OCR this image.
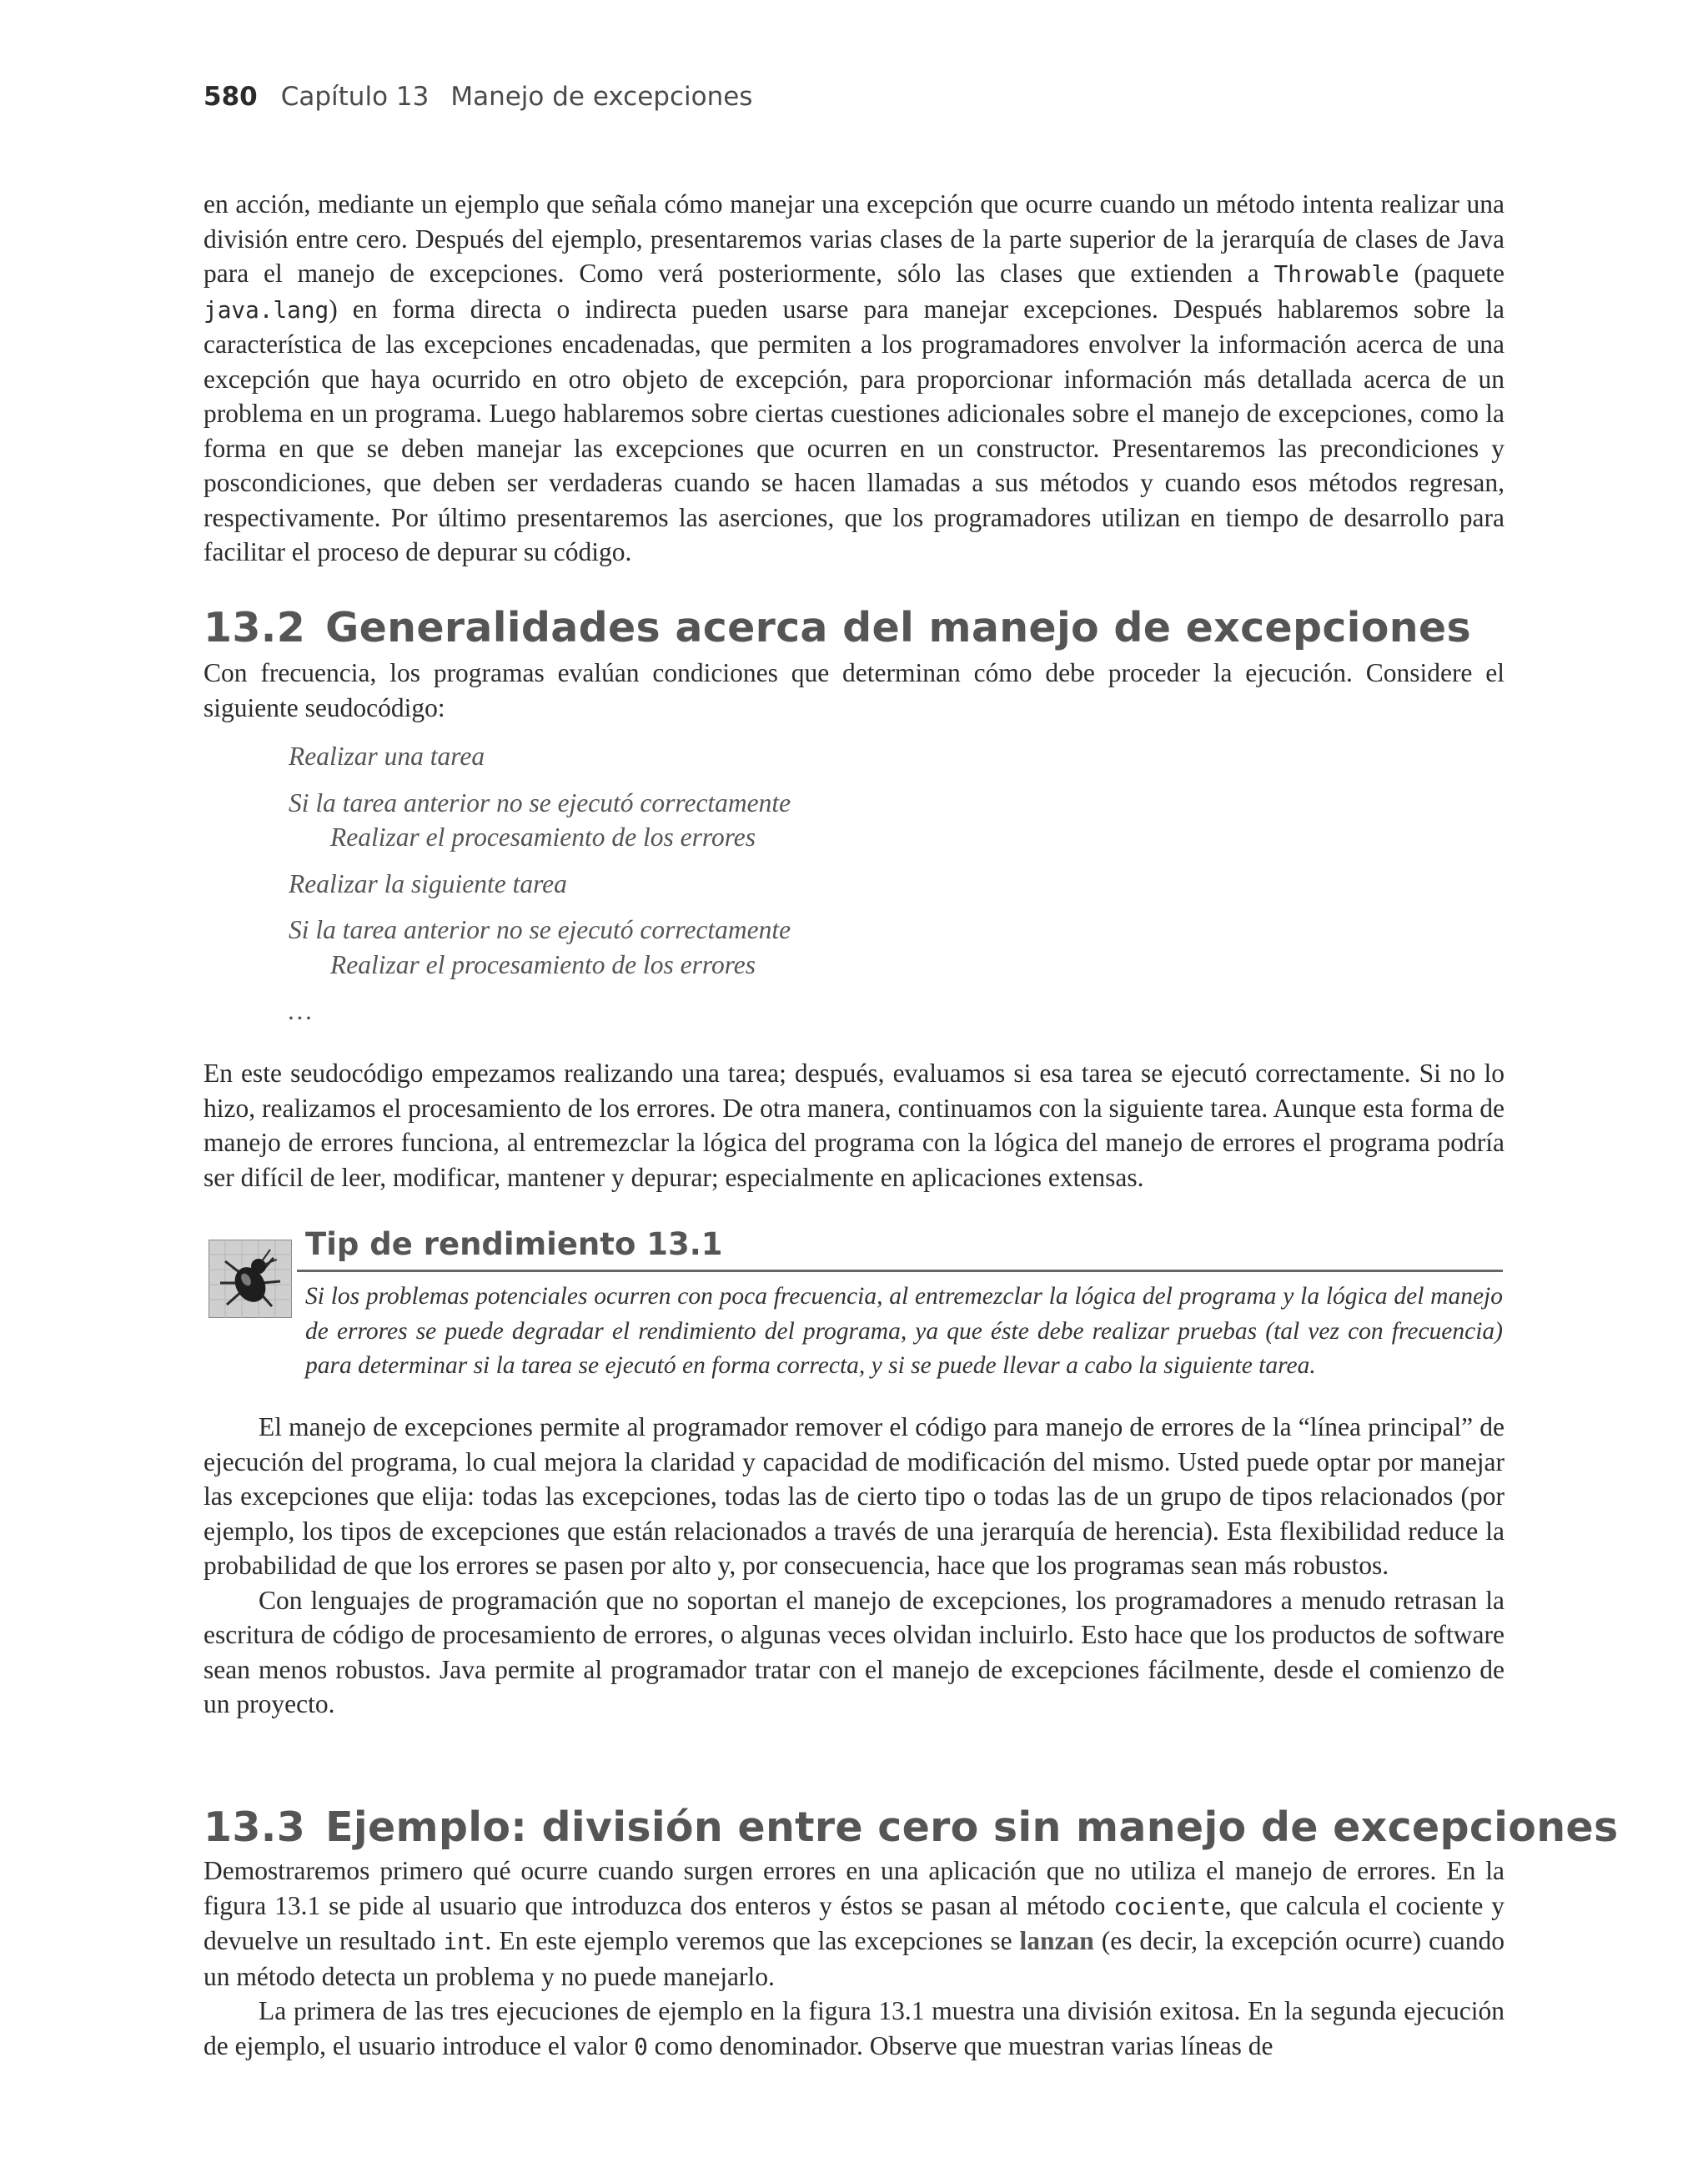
580 Capítulo 13 Manejo de excepciones

en acción, mediante un ejemplo que señala cómo manejar una excepción que ocurre cuando un método intenta realizar una división entre cero. Después del ejemplo, presentaremos varias clases de la parte superior de la jerarquía de clases de Java para el manejo de excepciones. Como verá posteriormente, sólo las clases que extienden a Throwable (paquete java.lang) en forma directa o indirecta pueden usarse para manejar excepciones. Después hablaremos sobre la característica de las excepciones encadenadas, que permiten a los programadores envolver la información acerca de una excepción que haya ocurrido en otro objeto de excepción, para proporcionar información más detallada acerca de un problema en un programa. Luego hablaremos sobre ciertas cuestiones adicionales sobre el manejo de excepciones, como la forma en que se deben manejar las excepciones que ocurren en un constructor. Presentaremos las precondiciones y poscondiciones, que deben ser verdaderas cuando se hacen llamadas a sus métodos y cuando esos métodos regresan, respectivamente. Por último presentaremos las aserciones, que los programadores utilizan en tiempo de desarrollo para facilitar el proceso de depurar su código.

13.2 Generalidades acerca del manejo de excepciones

Con frecuencia, los programas evalúan condiciones que determinan cómo debe proceder la ejecución. Considere el siguiente seudocódigo:

Realizar una tarea
Si la tarea anterior no se ejecutó correctamente
Realizar el procesamiento de los errores
Realizar la siguiente tarea
Si la tarea anterior no se ejecutó correctamente
Realizar el procesamiento de los errores
…

En este seudocódigo empezamos realizando una tarea; después, evaluamos si esa tarea se ejecutó correctamente. Si no lo hizo, realizamos el procesamiento de los errores. De otra manera, continuamos con la siguiente tarea. Aunque esta forma de manejo de errores funciona, al entremezclar la lógica del programa con la lógica del manejo de errores el programa podría ser difícil de leer, modificar, mantener y depurar; especialmente en aplicaciones extensas.

Tip de rendimiento 13.1

Si los problemas potenciales ocurren con poca frecuencia, al entremezclar la lógica del programa y la lógica del manejo de errores se puede degradar el rendimiento del programa, ya que éste debe realizar pruebas (tal vez con frecuencia) para determinar si la tarea se ejecutó en forma correcta, y si se puede llevar a cabo la siguiente tarea.

El manejo de excepciones permite al programador remover el código para manejo de errores de la “línea principal” de ejecución del programa, lo cual mejora la claridad y capacidad de modificación del mismo. Usted puede optar por manejar las excepciones que elija: todas las excepciones, todas las de cierto tipo o todas las de un grupo de tipos relacionados (por ejemplo, los tipos de excepciones que están relacionados a través de una jerarquía de herencia). Esta flexibilidad reduce la probabilidad de que los errores se pasen por alto y, por consecuencia, hace que los programas sean más robustos.

Con lenguajes de programación que no soportan el manejo de excepciones, los programadores a menudo retrasan la escritura de código de procesamiento de errores, o algunas veces olvidan incluirlo. Esto hace que los productos de software sean menos robustos. Java permite al programador tratar con el manejo de excepciones fácilmente, desde el comienzo de un proyecto.

13.3 Ejemplo: división entre cero sin manejo de excepciones

Demostraremos primero qué ocurre cuando surgen errores en una aplicación que no utiliza el manejo de errores. En la figura 13.1 se pide al usuario que introduzca dos enteros y éstos se pasan al método cociente, que calcula el cociente y devuelve un resultado int. En este ejemplo veremos que las excepciones se lanzan (es decir, la excepción ocurre) cuando un método detecta un problema y no puede manejarlo.

La primera de las tres ejecuciones de ejemplo en la figura 13.1 muestra una división exitosa. En la segunda ejecución de ejemplo, el usuario introduce el valor 0 como denominador. Observe que muestran varias líneas de
